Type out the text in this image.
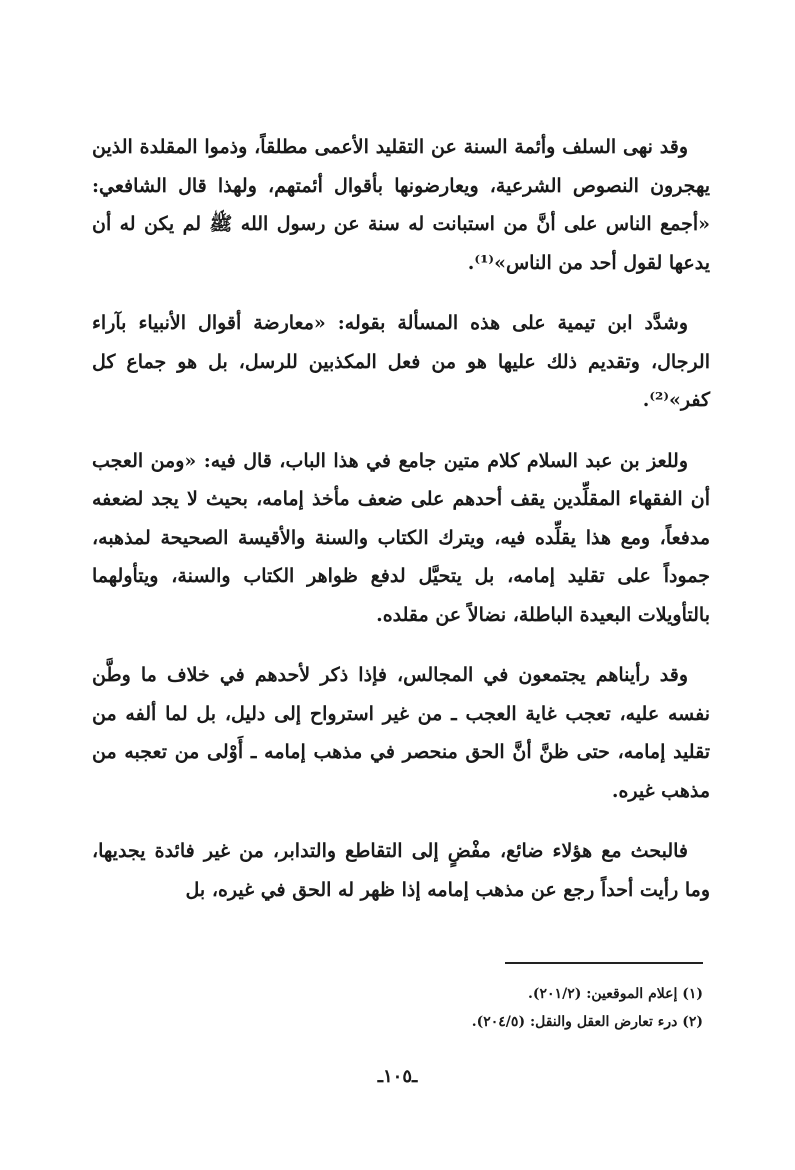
وقد نهى السلف وأئمة السنة عن التقليد الأعمى مطلقاً، وذموا المقلدة الذين يهجرون النصوص الشرعية، ويعارضونها بأقوال أئمتهم، ولهذا قال الشافعي: «أجمع الناس على أنَّ من استبانت له سنة عن رسول الله ﷺ لم يكن له أن يدعها لقول أحد من الناس»⁽¹⁾.

وشدَّد ابن تيمية على هذه المسألة بقوله: «معارضة أقوال الأنبياء بآراء الرجال، وتقديم ذلك عليها هو من فعل المكذبين للرسل، بل هو جماع كل كفر»⁽²⁾.

وللعز بن عبد السلام كلام متين جامع في هذا الباب، قال فيه: «ومن العجب أن الفقهاء المقلِّدين يقف أحدهم على ضعف مأخذ إمامه، بحيث لا يجد لضعفه مدفعاً، ومع هذا يقلِّده فيه، ويترك الكتاب والسنة والأقيسة الصحيحة لمذهبه، جموداً على تقليد إمامه، بل يتحيَّل لدفع ظواهر الكتاب والسنة، ويتأولهما بالتأويلات البعيدة الباطلة، نضالاً عن مقلده.

وقد رأيناهم يجتمعون في المجالس، فإذا ذكر لأحدهم في خلاف ما وطَّن نفسه عليه، تعجب غاية العجب ـ من غير استرواح إلى دليل، بل لما ألفه من تقليد إمامه، حتى ظنَّ أنَّ الحق منحصر في مذهب إمامه ـ أَوْلى من تعجبه من مذهب غيره.

فالبحث مع هؤلاء ضائع، مفْضٍ إلى التقاطع والتدابر، من غير فائدة يجديها، وما رأيت أحداً رجع عن مذهب إمامه إذا ظهر له الحق في غيره، بل

(١) إعلام الموقعين: (٢٠١/٢).

(٢) درء تعارض العقل والنقل: (٢٠٤/٥).

ـ١٠٥ـ
